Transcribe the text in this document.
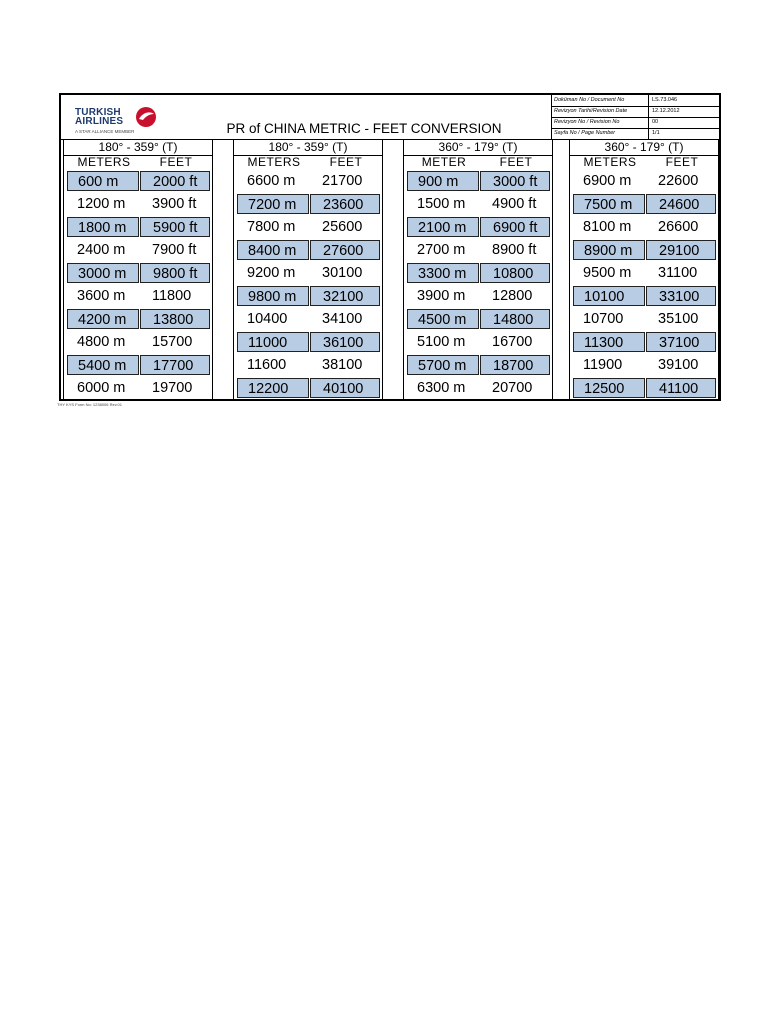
TURKISH
AIRLINES
A STAR ALLIANCE MEMBER	PR of CHINA METRIC - FEET CONVERSION
Doküman No / Document No	LS.73.046
Revizyon Tarihi/Revision Date	12.12.2012
Revizyon No / Revision No	00
Sayfa No / Page Number	1/1
180° - 359° (T)
METERS	FEET
600 m	2000 ft
1200 m	3900 ft
1800 m	5900 ft
2400 m	7900 ft
3000 m	9800 ft
3600 m	11800
4200 m	13800
4800 m	15700
5400 m	17700
6000 m	19700
180° - 359° (T)
METERS	FEET
6600 m	21700
7200 m	23600
7800 m	25600
8400 m	27600
9200 m	30100
9800 m	32100
10400	34100
11000	36100
11600	38100
12200	40100
360° - 179° (T)
METER	FEET
900 m	3000 ft
1500 m	4900 ft
2100 m	6900 ft
2700 m	8900 ft
3300 m	10800
3900 m	12800
4500 m	14800
5100 m	16700
5700 m	18700
6300 m	20700
360° - 179° (T)
METERS	FEET
6900 m	22600
7500 m	24600
8100 m	26600
8900 m	29100
9500 m	31100
10100	33100
10700	35100
11300	37100
11900	39100
12500	41100
THY KYS Form No: 1238006 Rev.01
